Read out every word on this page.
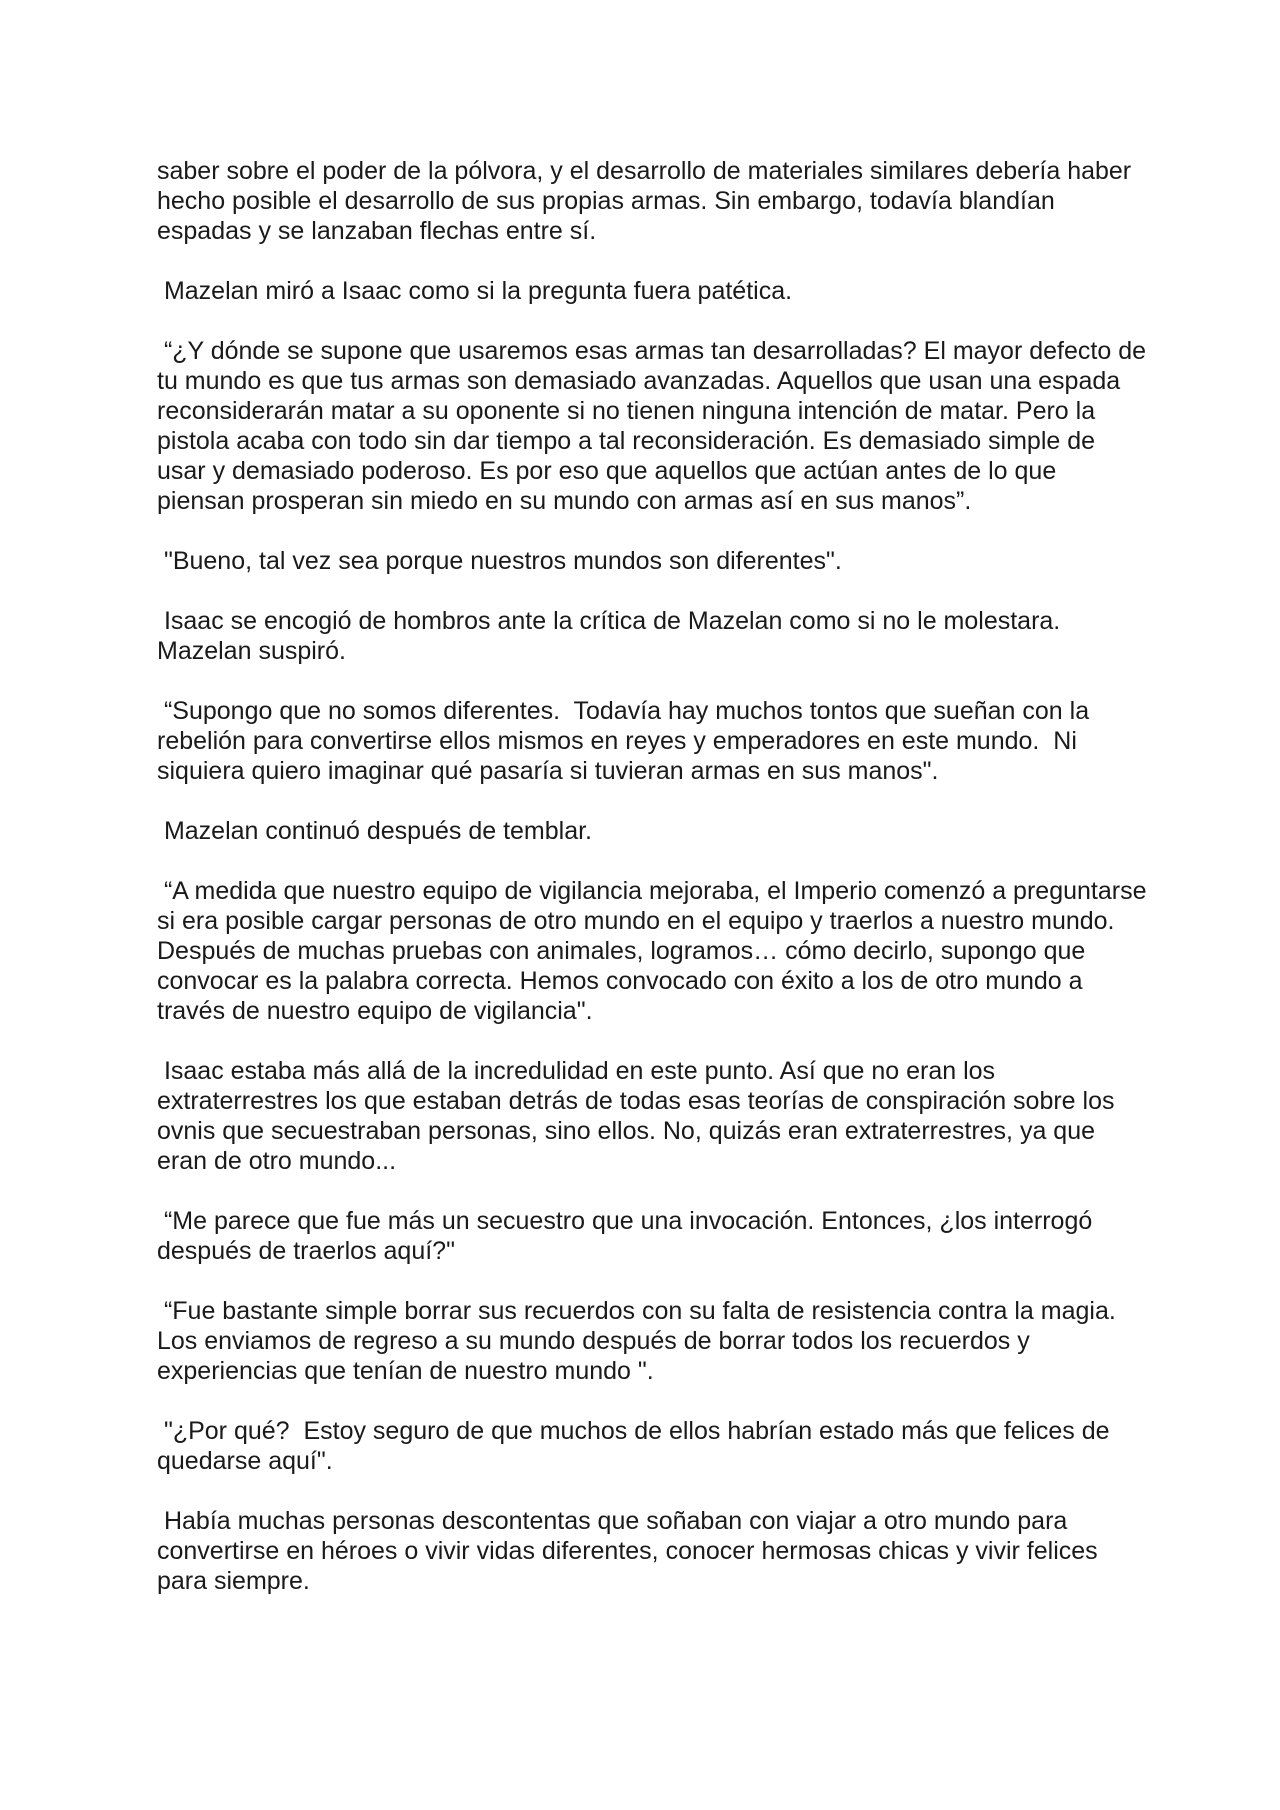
saber sobre el poder de la pólvora, y el desarrollo de materiales similares debería haber hecho posible el desarrollo de sus propias armas. Sin embargo, todavía blandían espadas y se lanzaban flechas entre sí.

Mazelan miró a Isaac como si la pregunta fuera patética.

“¿Y dónde se supone que usaremos esas armas tan desarrolladas? El mayor defecto de tu mundo es que tus armas son demasiado avanzadas. Aquellos que usan una espada reconsiderarán matar a su oponente si no tienen ninguna intención de matar. Pero la pistola acaba con todo sin dar tiempo a tal reconsideración. Es demasiado simple de usar y demasiado poderoso. Es por eso que aquellos que actúan antes de lo que piensan prosperan sin miedo en su mundo con armas así en sus manos”.

"Bueno, tal vez sea porque nuestros mundos son diferentes".

Isaac se encogió de hombros ante la crítica de Mazelan como si no le molestara. Mazelan suspiró.

“Supongo que no somos diferentes.  Todavía hay muchos tontos que sueñan con la rebelión para convertirse ellos mismos en reyes y emperadores en este mundo.  Ni siquiera quiero imaginar qué pasaría si tuvieran armas en sus manos".

Mazelan continuó después de temblar.

“A medida que nuestro equipo de vigilancia mejoraba, el Imperio comenzó a preguntarse si era posible cargar personas de otro mundo en el equipo y traerlos a nuestro mundo. Después de muchas pruebas con animales, logramos… cómo decirlo, supongo que convocar es la palabra correcta. Hemos convocado con éxito a los de otro mundo a través de nuestro equipo de vigilancia".

Isaac estaba más allá de la incredulidad en este punto. Así que no eran los extraterrestres los que estaban detrás de todas esas teorías de conspiración sobre los ovnis que secuestraban personas, sino ellos. No, quizás eran extraterrestres, ya que eran de otro mundo...

“Me parece que fue más un secuestro que una invocación. Entonces, ¿los interrogó después de traerlos aquí?"

“Fue bastante simple borrar sus recuerdos con su falta de resistencia contra la magia. Los enviamos de regreso a su mundo después de borrar todos los recuerdos y experiencias que tenían de nuestro mundo ".

"¿Por qué?  Estoy seguro de que muchos de ellos habrían estado más que felices de quedarse aquí".

Había muchas personas descontentas que soñaban con viajar a otro mundo para convertirse en héroes o vivir vidas diferentes, conocer hermosas chicas y vivir felices para siempre.
